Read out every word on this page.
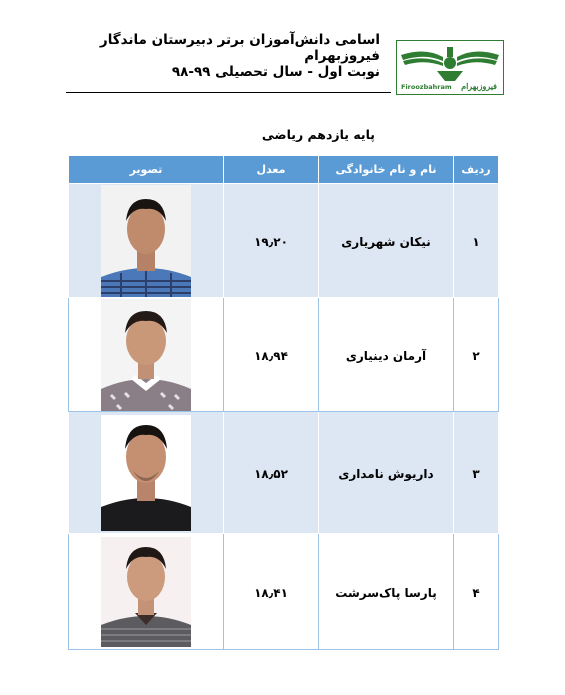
اسامی دانش‌آموزان برتر دبیرستان ماندگار فیروزبهرام
نوبت اول - سال تحصیلی ۹۹-۹۸
فیروزبهرام
Firoozbahram
پایه یازدهم ریاضی
تصویر	معدل	نام و نام خانوادگی	ردیف

	۱۹٫۲۰	نیکان شهریاری	۱

	۱۸٫۹۴	آرمان دینیاری	۲

	۱۸٫۵۲	داریوش نامداری	۳

	۱۸٫۴۱	پارسا پاک‌سرشت	۴
